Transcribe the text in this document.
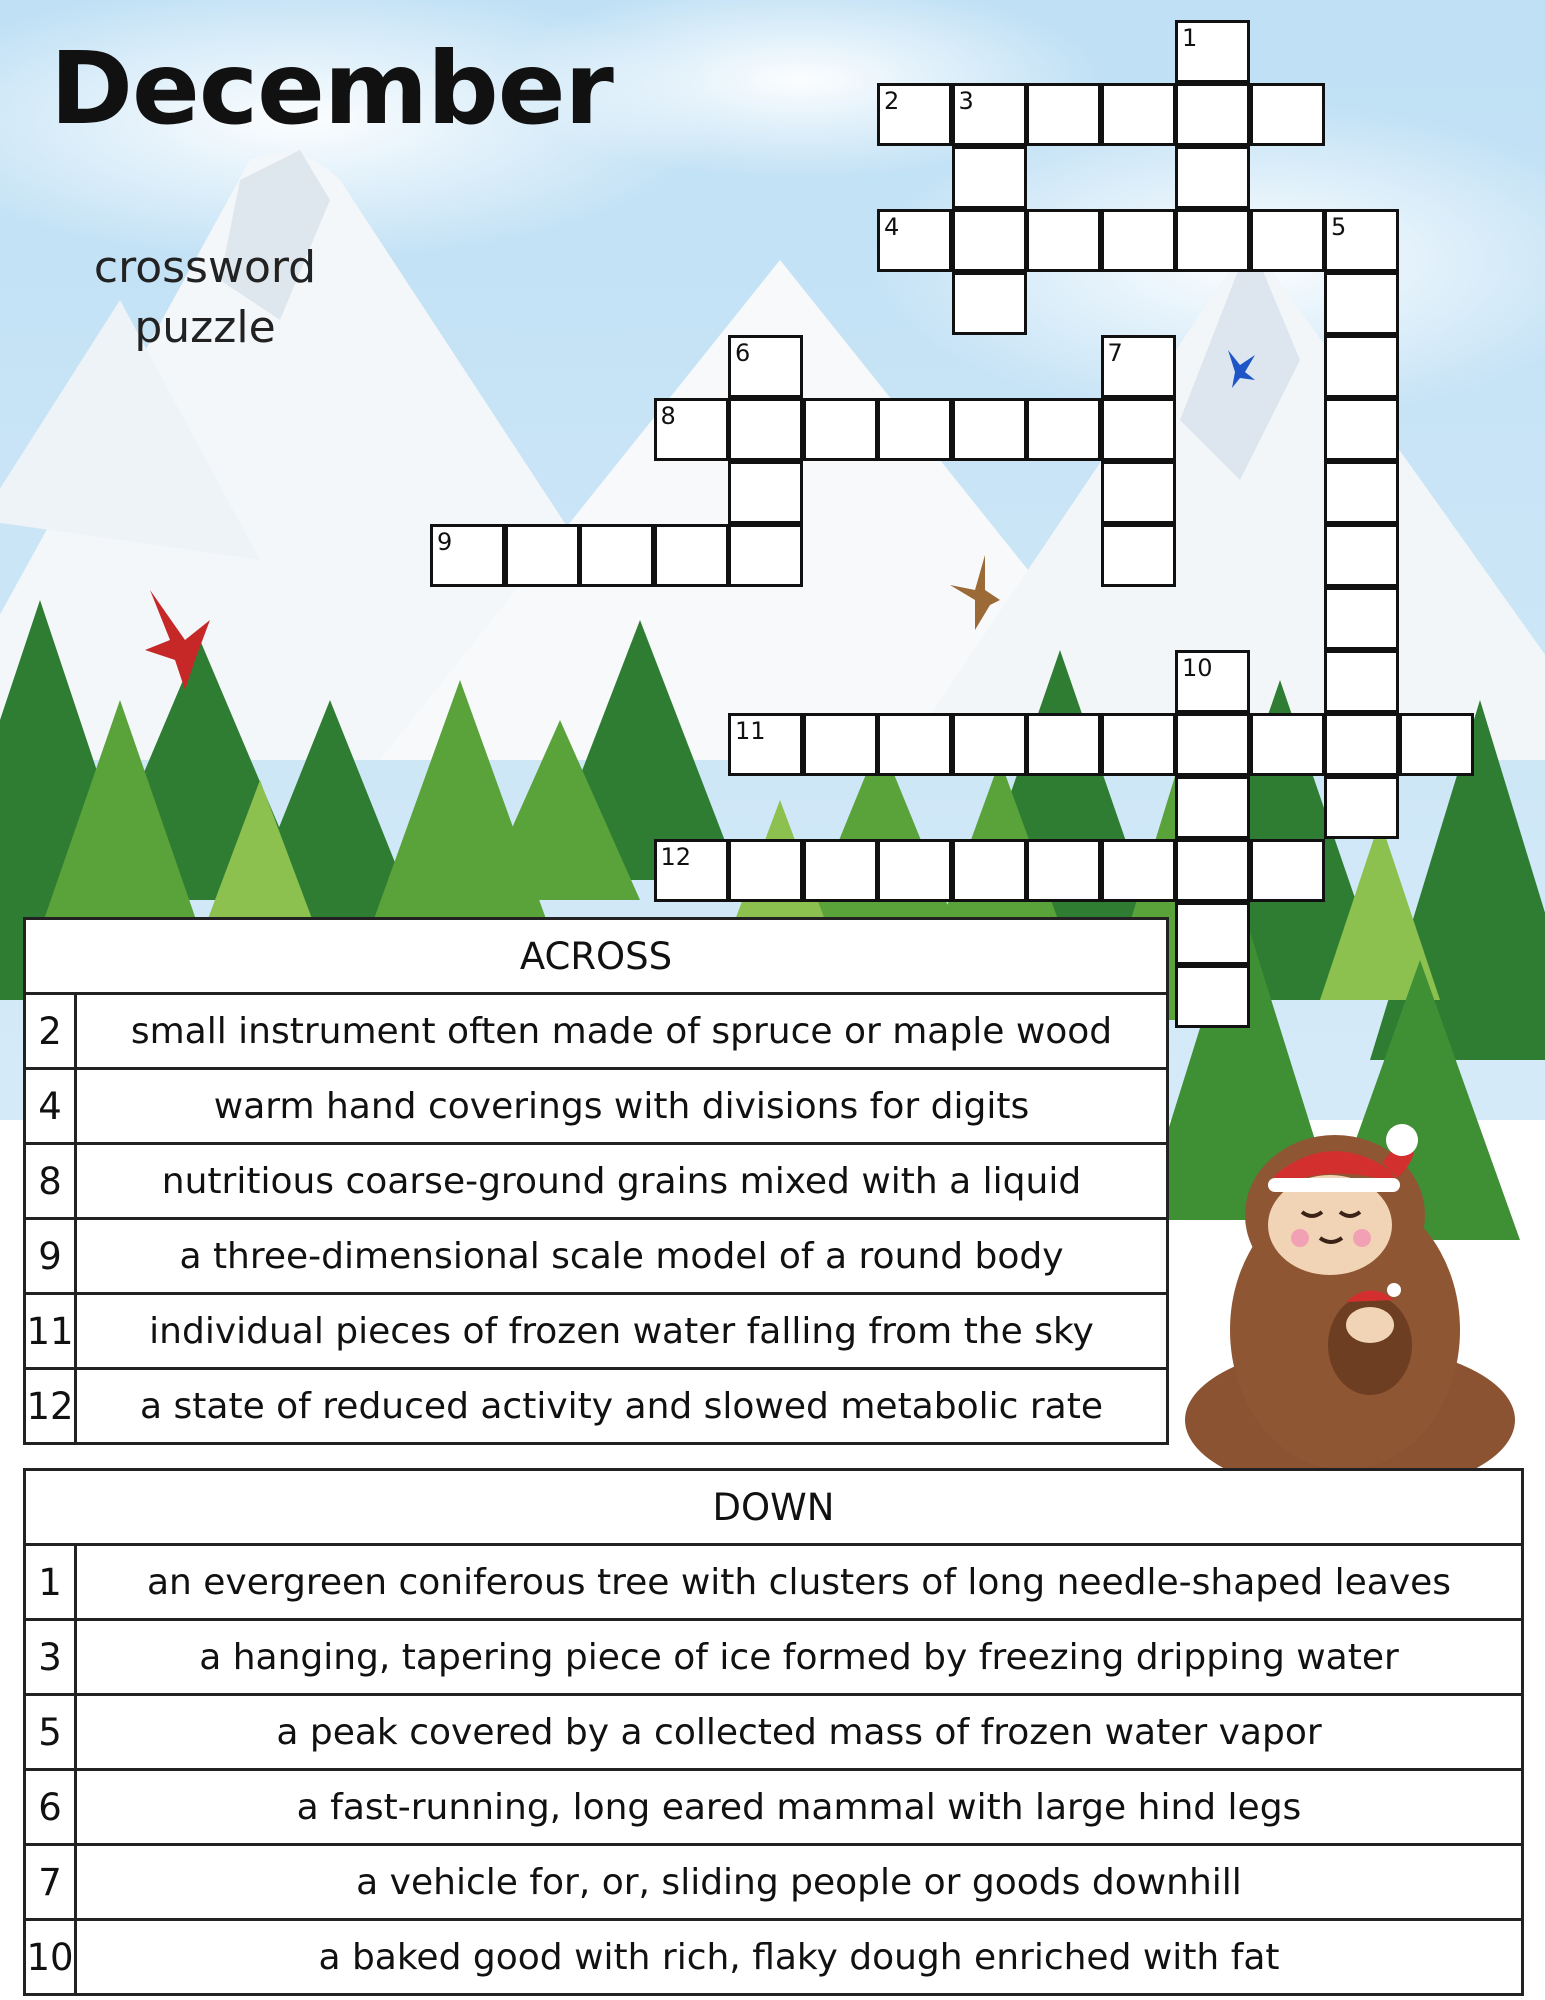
December
crossword
puzzle
1
2 3
4	5
6	7
8
9
10
11
12
ACROSS	
2	small instrument often made of spruce or maple wood
4	warm hand coverings with divisions for digits
8	nutritious coarse-ground grains mixed with a liquid
9	a three-dimensional scale model of a round body
11	individual pieces of frozen water falling from the sky
12	a state of reduced activity and slowed metabolic rate
DOWN	
1	an evergreen coniferous tree with clusters of long needle-shaped leaves
3	a hanging, tapering piece of ice formed by freezing dripping water
5	a peak covered by a collected mass of frozen water vapor
6	a fast-running, long eared mammal with large hind legs
7	a vehicle for, or, sliding people or goods downhill
10	a baked good with rich, flaky dough enriched with fat
